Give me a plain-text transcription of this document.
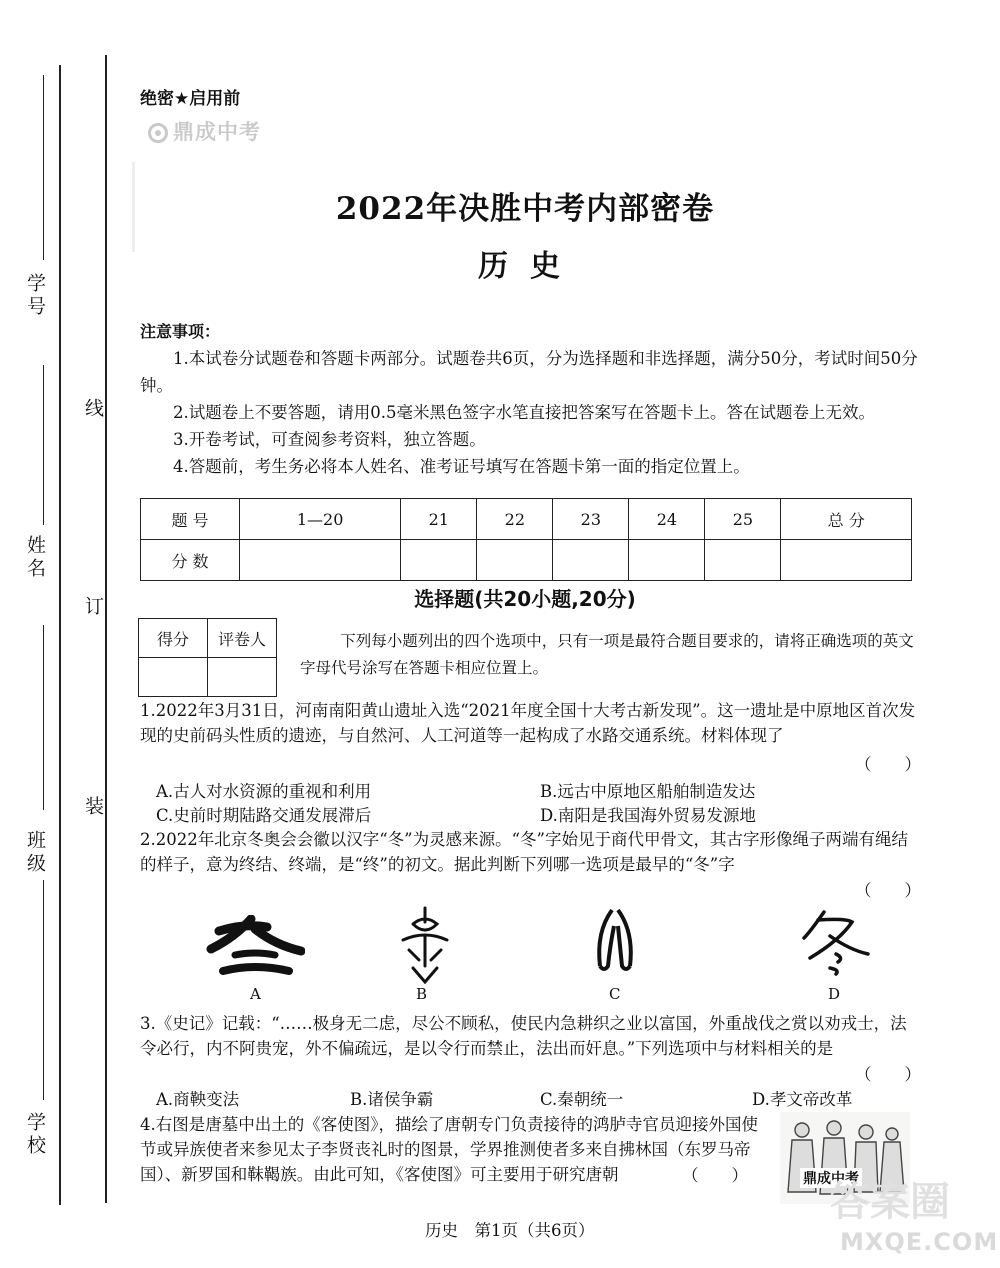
学号
姓名
班级
学校
线
订
装
绝密★启用前
鼎成中考
2022年决胜中考内部密卷
历史
注意事项：

1.本试卷分试题卷和答题卡两部分。试题卷共6页，分为选择题和非选择题，满分50分，考试时间50分钟。

2.试题卷上不要答题，请用0.5毫米黑色签字水笔直接把答案写在答题卡上。答在试题卷上无效。

3.开卷考试，可查阅参考资料，独立答题。

4.答题前，考生务必将本人姓名、准考证号填写在答题卡第一面的指定位置上。

题 号	1—20	21	22	23	24	25	总 分
分 数							
选择题(共20小题,20分)
得分	评卷人
		下列每小题列出的四个选项中，只有一项是最符合题目要求的，请将正确选项的英文字母代号涂写在答题卡相应位置上。
1.2022年3月31日，河南南阳黄山遗址入选“2021年度全国十大考古新发现”。这一遗址是中原地区首次发现的史前码头性质的遗迹，与自然河、人工河道等一起构成了水路交通系统。材料体现了
（　　）
A.古人对水资源的重视和利用	B.远古中原地区船舶制造发达
C.史前时期陆路交通发展滞后	D.南阳是我国海外贸易发源地
2.2022年北京冬奥会会徽以汉字“冬”为灵感来源。“冬”字始见于商代甲骨文，其古字形像绳子两端有绳结的样子，意为终结、终端，是“终”的初文。据此判断下列哪一选项是最早的“冬”字
（　　）
A	B	C	D
3.《史记》记载：“……极身无二虑，尽公不顾私，使民内急耕织之业以富国，外重战伐之赏以劝戎士，法令必行，内不阿贵宠，外不偏疏远，是以令行而禁止，法出而奸息。”下列选项中与材料相关的是
（　　）
A.商鞅变法	B.诸侯争霸	C.秦朝统一	D.孝文帝改革
4.右图是唐墓中出土的《客使图》，描绘了唐朝专门负责接待的鸿胪寺官员迎接外国使节或异族使者来参见太子李贤丧礼时的图景，学界推测使者多来自拂林国（东罗马帝国）、新罗国和靺鞨族。由此可知，《客使图》可主要用于研究唐朝	（　　）	鼎成中考
历史　第1页（共6页）
答案圈
MXQE.COM
